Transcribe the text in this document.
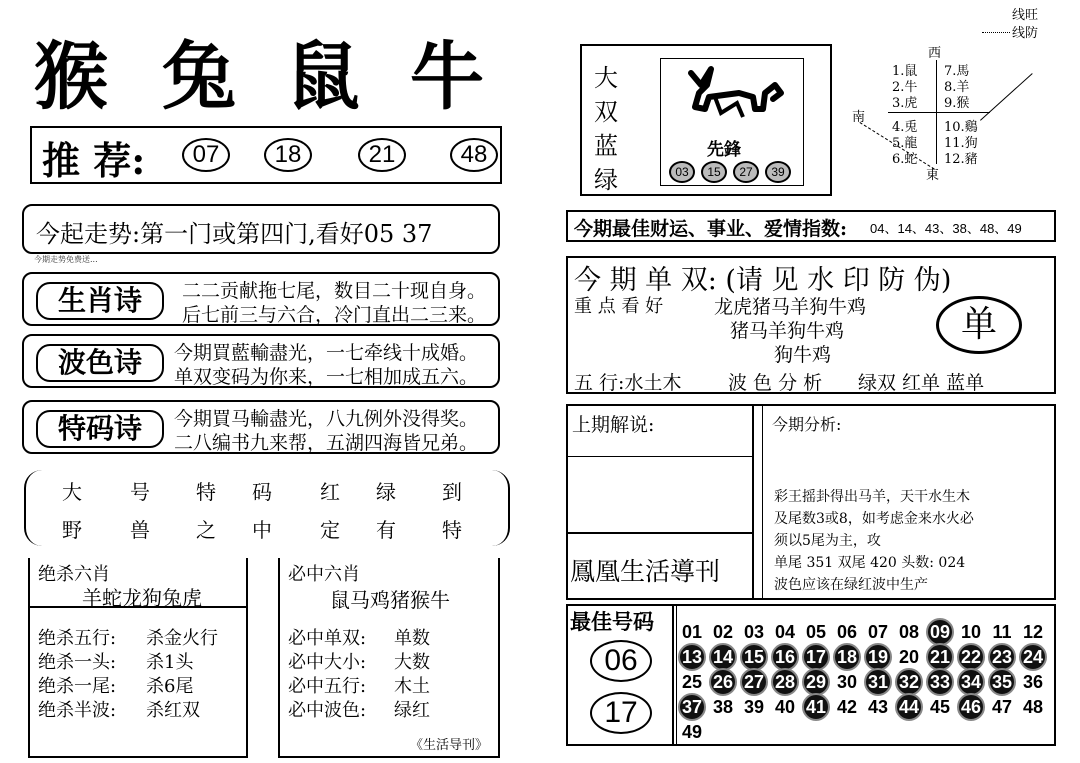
猴 兔 鼠 牛
推 荐:	07	18	21	48
今起走势:第一门或第四门,看好05 37
今期走势免费送...
生肖诗	二二贡献拖七尾，数目二十现自身。
后七前三与六合，冷门直出二三来。
波色诗	今期買藍輸盡光，一七牵线十成婚。
单双变码为你来，一七相加成五六。
特码诗	今期買马輸盡光，八九例外没得奖。
二八编书九来帮，五湖四海皆兄弟。
大 号 特 码 红 绿 到
野 兽 之 中 定 有 特
绝杀六肖
羊蛇龙狗兔虎
绝杀五行: 杀金火行
绝杀一头: 杀1头
绝杀一尾: 杀6尾
绝杀半波: 杀红双
必中六肖
鼠马鸡猪猴牛
必中单双: 单数
必中大小: 大数
必中五行: 木土
必中波色: 绿红
《生活导刊》
线旺
线防
大
双
蓝
绿
先鋒
03	15	27	39
西
南
東
1.鼠
2.牛
3.虎
4.兎
5.龍
6.蛇
7.馬
8.羊
9.猴
10.鷄
11.狗
12.豬
今期最佳财运、事业、爱情指数: 04、14、43、38、48、49
今 期 单 双: (请 见 水 印 防 伪)
重 点 看 好	龙虎猪马羊狗牛鸡
猪马羊狗牛鸡
狗牛鸡
单
五 行:水土木 波 色 分 析 绿双 红单 蓝单
上期解说:
鳳凰生活導刊
今期分析:
彩王摇卦得出马羊，天干水生木
及尾数3或8，如考虑金来水火必
须以5尾为主，攻
单尾 351 双尾 420 头数: 024
波色应该在绿红波中生产
最佳号码
06
17
01 02 03 04 05 06 07 08 09 10 11 12
13 14 15 16 17 18 19 20 21 22 23 24
25 26 27 28 29 30 31 32 33 34 35 36
37 38 39 40 41 42 43 44 45 46 47 48
49
